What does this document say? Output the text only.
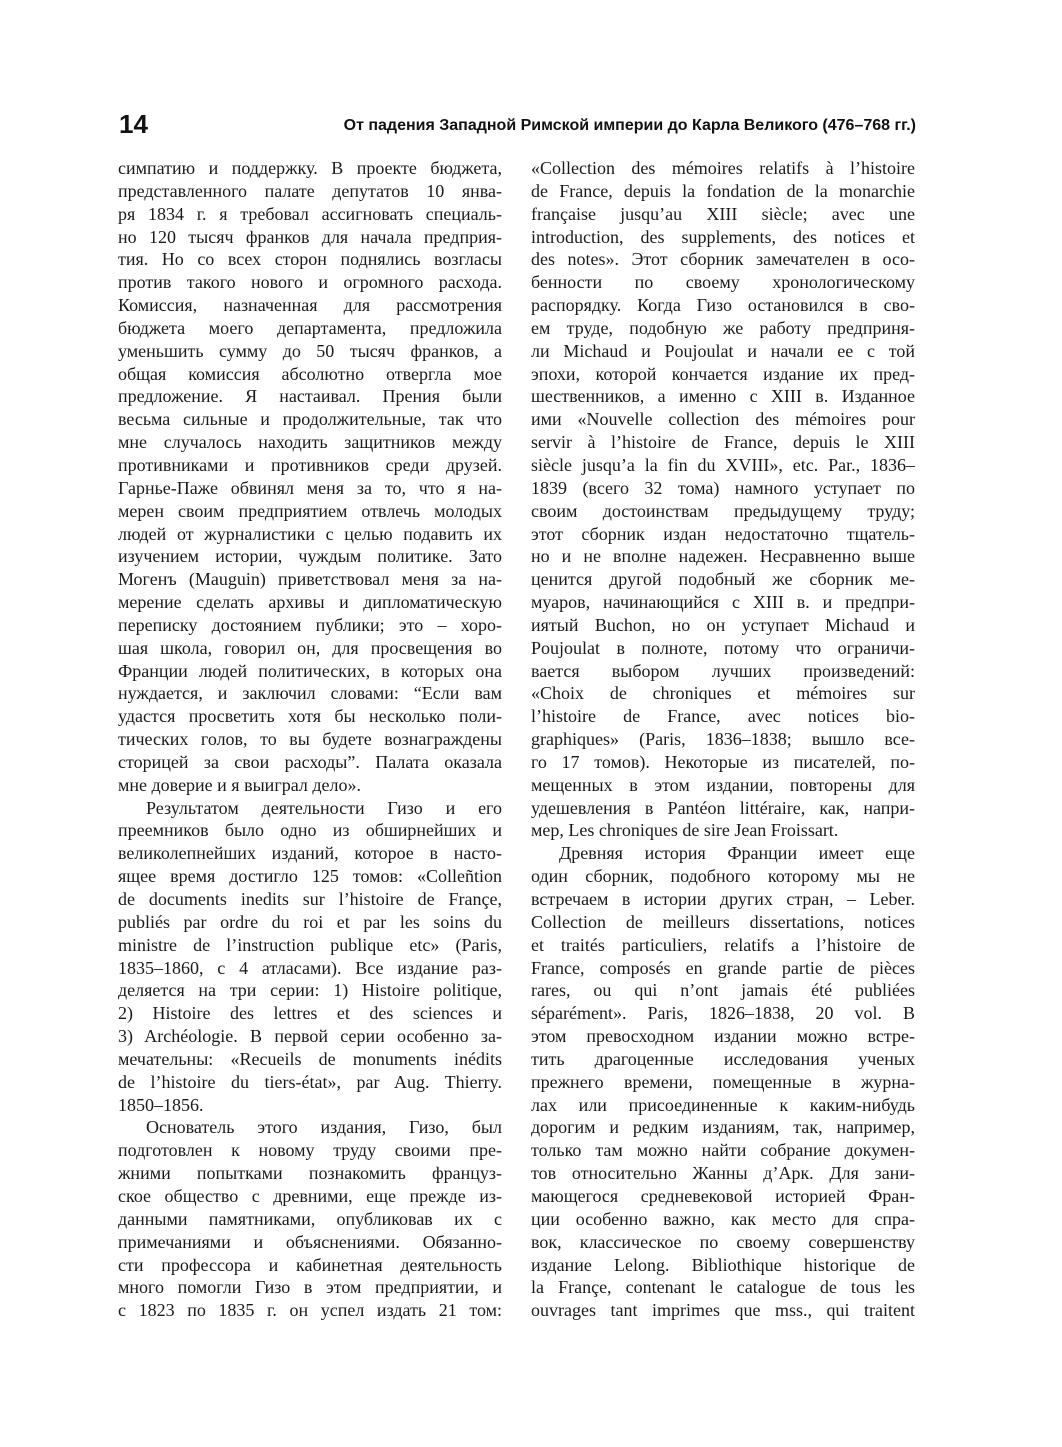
14	От падения Западной Римской империи до Карла Великого (476–768 гг.)
симпатию и поддержку. В проекте бюджета,
представленного палате депутатов 10 янва-
ря 1834 г. я требовал ассигновать специаль-
но 120 тысяч франков для начала предприя-
тия. Но со всех сторон поднялись возгласы
против такого нового и огромного расхода.
Комиссия, назначенная для рассмотрения
бюджета моего департамента, предложила
уменьшить сумму до 50 тысяч франков, а
общая комиссия абсолютно отвергла мое
предложение. Я настаивал. Прения были
весьма сильные и продолжительные, так что
мне случалось находить защитников между
противниками и противников среди друзей.
Гарнье-Паже обвинял меня за то, что я на-
мерен своим предприятием отвлечь молодых
людей от журналистики с целью подавить их
изучением истории, чуждым политике. Зато
Могенъ (Mauguin) приветствовал меня за на-
мерение сделать архивы и дипломатическую
переписку достоянием публики; это – хоро-
шая школа, говорил он, для просвещения во
Франции людей политических, в которых она
нуждается, и заключил словами: “Если вам
удастся просветить хотя бы несколько поли-
тических голов, то вы будете вознаграждены
сторицей за свои расходы”. Палата оказала
мне доверие и я выиграл дело».
Результатом деятельности Гизо и его
преемников было одно из обширнейших и
великолепнейших изданий, которое в насто-
ящее время достигло 125 томов: «Colleñtion
de documents inedits sur l’histoire de Françe,
publiés par ordre du roi et par les soins du
ministre de l’instruction publique etc» (Paris,
1835–1860, с 4 атласами). Все издание раз-
деляется на три серии: 1) Histoire politique,
2) Histoire des lettres et des sciences и
3) Archéologie. В первой серии особенно за-
мечательны: «Recueils de monuments inédits
de l’histoire du tiers-état», par Aug. Thierry.
1850–1856.
Основатель этого издания, Гизо, был
подготовлен к новому труду своими пре-
жними попытками познакомить француз-
ское общество с древними, еще прежде из-
данными памятниками, опубликовав их с
примечаниями и объяснениями. Обязанно-
сти профессора и кабинетная деятельность
много помогли Гизо в этом предприятии, и
с 1823 по 1835 г. он успел издать 21 том:
«Collection des mémoires relatifs à l’histoire
de France, depuis la fondation de la monarchie
française jusqu’au XIII siècle; avec une
introduction, des supplements, des notices et
des notes». Этот сборник замечателен в осо-
бенности по своему хронологическому
распорядку. Когда Гизо остановился в сво-
ем труде, подобную же работу предприня-
ли Michaud и Poujoulat и начали ее с той
эпохи, которой кончается издание их пред-
шественников, а именно с XIII в. Изданное
ими «Nouvelle collection des mémoires pour
servir à l’histoire de France, depuis le XIII
siècle jusqu’a la fin du XVIII», etc. Par., 1836–
1839 (всего 32 тома) намного уступает по
своим достоинствам предыдущему труду;
этот сборник издан недостаточно тщатель-
но и не вполне надежен. Несравненно выше
ценится другой подобный же сборник ме-
муаров, начинающийся с XIII в. и предпри-
иятый Buchon, но он уступает Michaud и
Poujoulat в полноте, потому что ограничи-
вается выбором лучших произведений:
«Choix de chroniques et mémoires sur
l’histoire de France, avec notices bio-
graphiques» (Paris, 1836–1838; вышло все-
го 17 томов). Некоторые из писателей, по-
мещенных в этом издании, повторены для
удешевления в Pantéon littéraire, как, напри-
мер, Les chroniques de sire Jean Froissart.
Древняя история Франции имеет еще
один сборник, подобного которому мы не
встречаем в истории других стран, – Leber.
Collection de meilleurs dissertations, notices
et traités particuliers, relatifs a l’histoire de
France, composés en grande partie de pièces
rares, ou qui n’ont jamais été publiées
séparément». Paris, 1826–1838, 20 vol. В
этом превосходном издании можно встре-
тить драгоценные исследования ученых
прежнего времени, помещенные в журна-
лах или присоединенные к каким-нибудь
дорогим и редким изданиям, так, например,
только там можно найти собрание докумен-
тов относительно Жанны д’Арк. Для зани-
мающегося средневековой историей Фран-
ции особенно важно, как место для спра-
вок, классическое по своему совершенству
издание Lelong. Bibliothique historique de
la Françe, contenant le catalogue de tous les
ouvrages tant imprimes que mss., qui traitent
